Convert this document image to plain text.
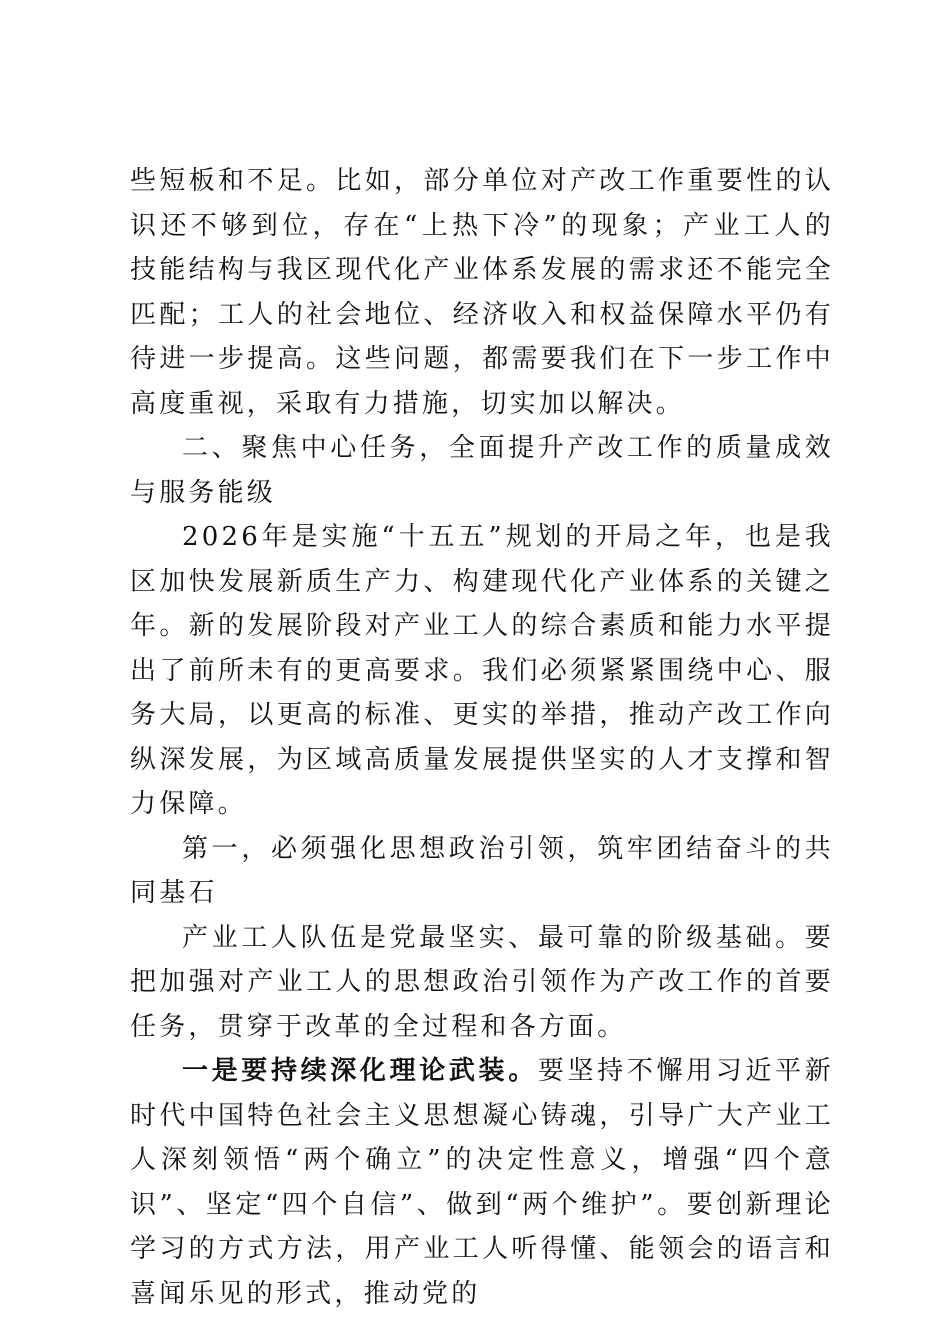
些短板和不足。比如，部分单位对产改工作重要性的认识还不够到位，存在“上热下冷”的现象；产业工人的技能结构与我区现代化产业体系发展的需求还不能完全匹配；工人的社会地位、经济收入和权益保障水平仍有待进一步提高。这些问题，都需要我们在下一步工作中高度重视，采取有力措施，切实加以解决。

二、聚焦中心任务，全面提升产改工作的质量成效与服务能级

2026年是实施“十五五”规划的开局之年，也是我区加快发展新质生产力、构建现代化产业体系的关键之年。新的发展阶段对产业工人的综合素质和能力水平提出了前所未有的更高要求。我们必须紧紧围绕中心、服务大局，以更高的标准、更实的举措，推动产改工作向纵深发展，为区域高质量发展提供坚实的人才支撑和智力保障。

第一，必须强化思想政治引领，筑牢团结奋斗的共同基石

产业工人队伍是党最坚实、最可靠的阶级基础。要把加强对产业工人的思想政治引领作为产改工作的首要任务，贯穿于改革的全过程和各方面。

一是要持续深化理论武装。要坚持不懈用习近平新时代中国特色社会主义思想凝心铸魂，引导广大产业工人深刻领悟“两个确立”的决定性意义，增强“四个意识”、坚定“四个自信”、做到“两个维护”。要创新理论学习的方式方法，用产业工人听得懂、能领会的语言和喜闻乐见的形式，推动党的
